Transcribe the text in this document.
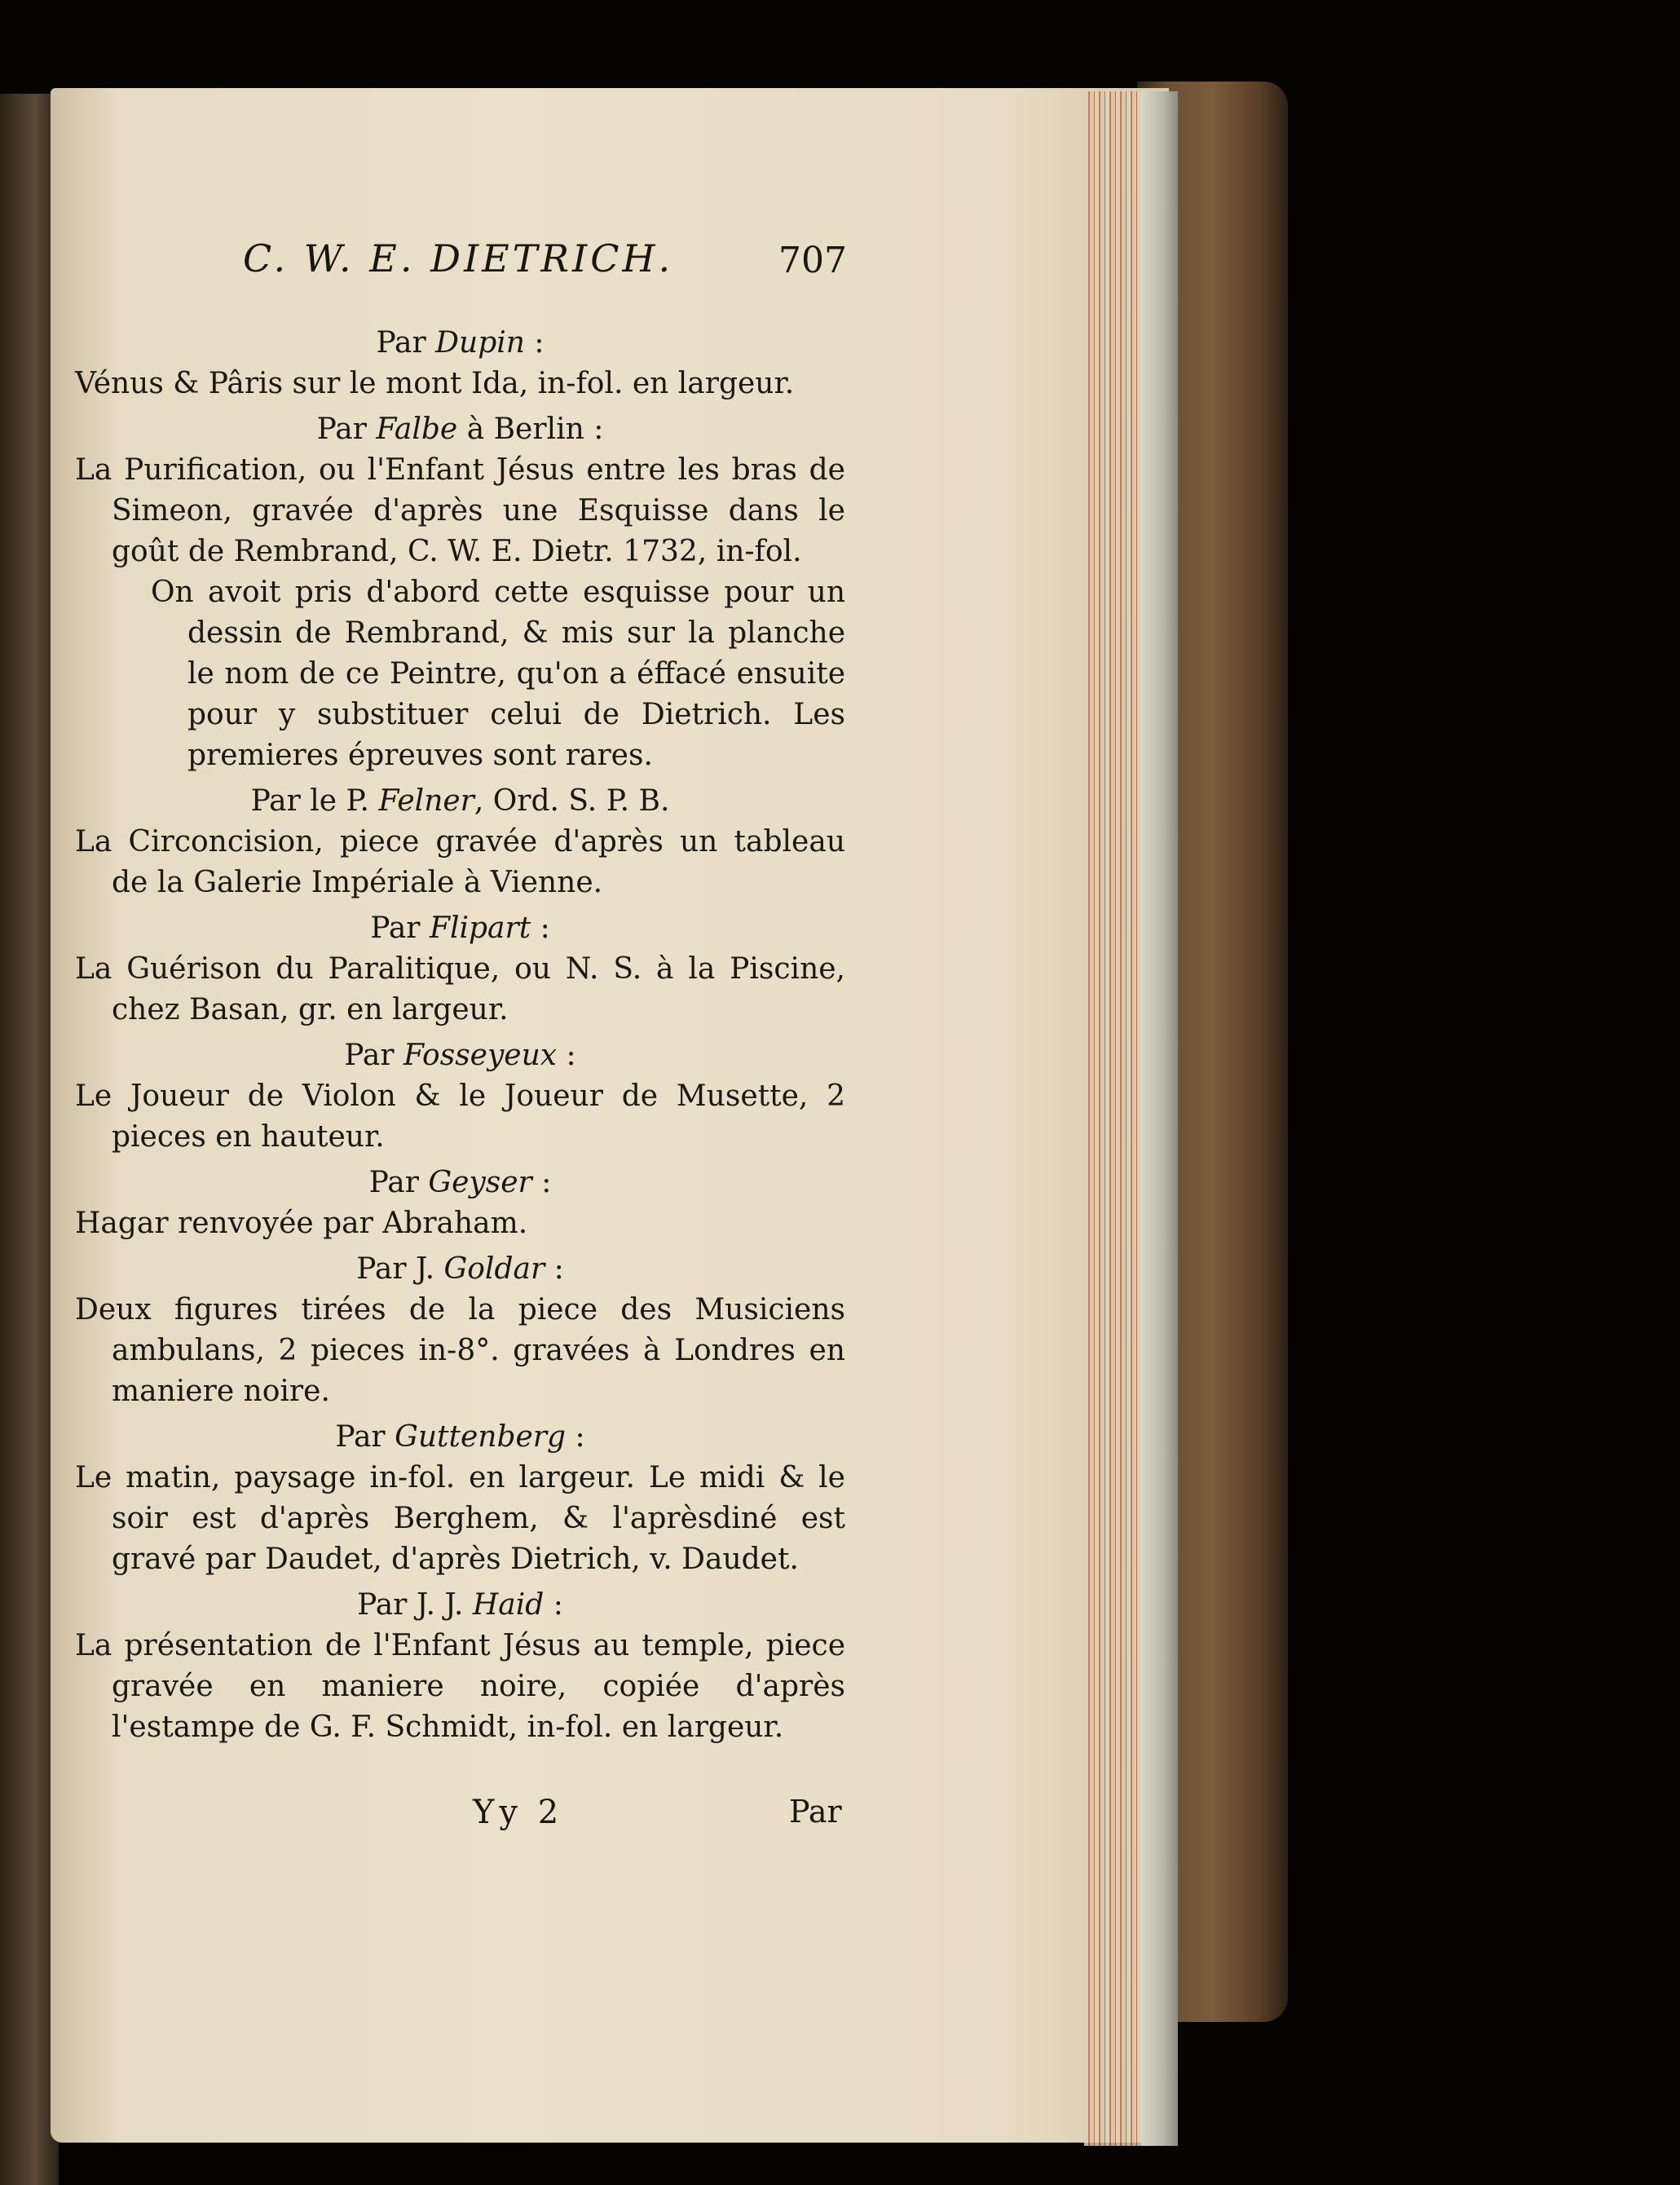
C. W. E. DIETRICH.	707
Par Dupin :
Vénus & Pâris sur le mont Ida, in-fol. en largeur.
Par Falbe à Berlin :
La Purification, ou l'Enfant Jésus entre les bras de Simeon, gravée d'après une Esquisse dans le goût de Rembrand, C. W. E. Dietr. 1732, in-fol.
On avoit pris d'abord cette esquisse pour un dessin de Rembrand, & mis sur la planche le nom de ce Peintre, qu'on a éffacé ensuite pour y substituer celui de Dietrich. Les premieres épreuves sont rares.
Par le P. Felner, Ord. S. P. B.
La Circoncision, piece gravée d'après un tableau de la Galerie Impériale à Vienne.
Par Flipart :
La Guérison du Paralitique, ou N. S. à la Piscine, chez Basan, gr. en largeur.
Par Fosseyeux :
Le Joueur de Violon & le Joueur de Musette, 2 pieces en hauteur.
Par Geyser :
Hagar renvoyée par Abraham.
Par J. Goldar :
Deux figures tirées de la piece des Musiciens ambulans, 2 pieces in-8°. gravées à Londres en maniere noire.
Par Guttenberg :
Le matin, paysage in-fol. en largeur. Le midi & le soir est d'après Berghem, & l'aprèsdiné est gravé par Daudet, d'après Dietrich, v. Daudet.
Par J. J. Haid :
La présentation de l'Enfant Jésus au temple, piece gravée en maniere noire, copiée d'après l'estampe de G. F. Schmidt, in-fol. en largeur.
Yy 2	Par
